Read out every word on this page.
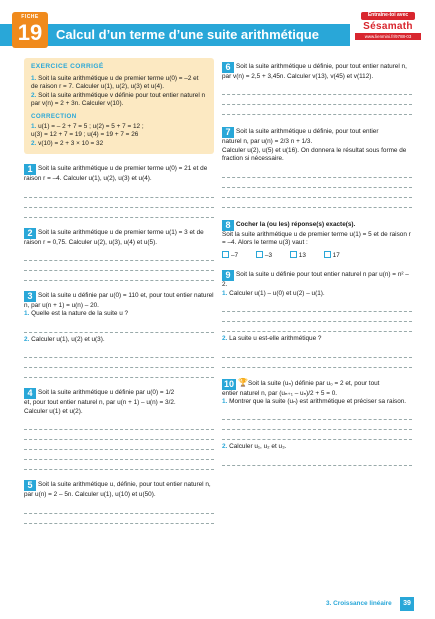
FICHE
19	Calcul d’un terme d’une suite arithmétique
Entraîne-toi avec
Sésamath
www.lienmini.fr/9788-03
EXERCICE CORRIGÉ
1. Soit la suite arithmétique u de premier terme u(0) = –2 et de raison r = 7. Calculer u(1), u(2), u(3) et u(4).
2. Soit la suite arithmétique v définie pour tout entier naturel n par v(n) = 2 + 3n. Calculer v(10).
CORRECTION
1. u(1) = – 2 + 7 = 5 ; u(2) = 5 + 7 = 12 ;
u(3) = 12 + 7 = 19 ; u(4) = 19 + 7 = 26
2. v(10) = 2 + 3 × 10 = 32
1 Soit la suite arithmétique u de premier terme u(0) = 21 et de raison r = –4. Calculer u(1), u(2), u(3) et u(4).
2 Soit la suite arithmétique u de premier terme u(1) = 3 et de raison r = 0,75. Calculer u(2), u(3), u(4) et u(5).
3 Soit la suite u définie par u(0) = 110 et, pour tout entier naturel n, par u(n + 1) = u(n) – 20.
1. Quelle est la nature de la suite u ?
2. Calculer u(1), u(2) et u(3).
4 Soit la suite arithmétique u définie par u(0) = 1/2
et, pour tout entier naturel n, par u(n + 1) – u(n) = 3/2.
Calculer u(1) et u(2).
5 Soit la suite arithmétique u, définie, pour tout entier naturel n, par u(n) = 2 – 5n. Calculer u(1), u(10) et u(50).
6 Soit la suite arithmétique u définie, pour tout entier naturel n, par v(n) = 2,5 + 3,45n. Calculer v(13), v(45) et v(112).
7 Soit la suite arithmétique u définie, pour tout entier
naturel n, par u(n) = 2/3 n + 1/3.
Calculer u(2), u(5) et u(16). On donnera le résultat sous forme de fraction si nécessaire.
8 Cocher la (ou les) réponse(s) exacte(s).
Soit la suite arithmétique u de premier terme u(1) = 5 et de raison r = –4. Alors le terme u(3) vaut :
–7	–3	13	17
9 Soit la suite u définie pour tout entier naturel n par u(n) = n² – 2.
1. Calculer u(1) – u(0) et u(2) – u(1).
2. La suite u est-elle arithmétique ?
10 🏆Soit la suite (uₙ) définie par u₀ = 2 et, pour tout
entier naturel n, par (uₙ₊₁ – uₙ)/2 + 5 = 0.
1. Montrer que la suite (uₙ) est arithmétique et préciser sa raison.
2. Calculer u₁, u₂ et u₃.
3. Croissance linéaire	39
